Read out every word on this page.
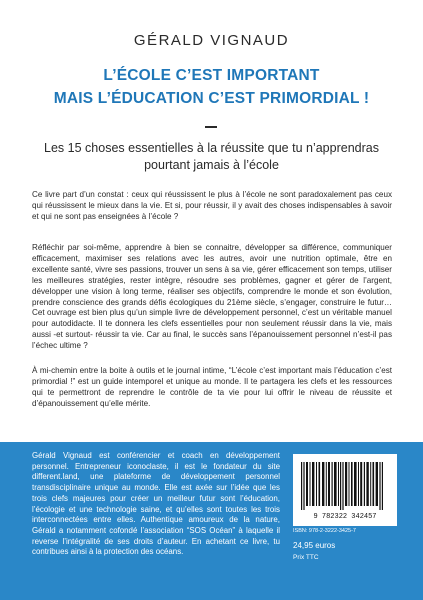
GÉRALD VIGNAUD
L’ÉCOLE C’EST IMPORTANT
MAIS L’ÉDUCATION C’EST PRIMORDIAL !
Les 15 choses essentielles à la réussite que tu n’apprendras pourtant jamais à l’école

Ce livre part d’un constat : ceux qui réussissent le plus à l’école ne sont paradoxalement pas ceux qui réussissent le mieux dans la vie. Et si, pour réussir, il y avait des choses indispensables à savoir et qui ne sont pas enseignées à l’école ?

Réfléchir par soi-même, apprendre à bien se connaitre, développer sa différence, communiquer efficacement, maximiser ses relations avec les autres, avoir une nutrition optimale, être en excellente santé, vivre ses passions, trouver un sens à sa vie, gérer efficacement son temps, utiliser les meilleures stratégies, rester intègre, résoudre ses problèmes, gagner et gérer de l’argent, développer une vision à long terme, réaliser ses objectifs, comprendre le monde et son évolution, prendre conscience des grands défis écologiques du 21ème siècle, s’engager, construire le futur… Cet ouvrage est bien plus qu’un simple livre de développement personnel, c’est un véritable manuel pour autodidacte. Il te donnera les clefs essentielles pour non seulement réussir dans la vie, mais aussi -et surtout- réussir ta vie. Car au final, le succès sans l’épanouissement personnel n’est-il pas l’échec ultime ?

À mi-chemin entre la boite à outils et le journal intime, “L’école c’est important mais l’éducation c’est primordial !” est un guide intemporel et unique au monde. Il te partagera les clefs et les ressources qui te permettront de reprendre le contrôle de ta vie pour lui offrir le niveau de réussite et d’épanouissement qu’elle mérite.

Gérald Vignaud est conférencier et coach en développement personnel. Entrepreneur iconoclaste, il est le fondateur du site different.land, une plateforme de développement personnel transdisciplinaire unique au monde. Elle est axée sur l’idée que les trois clefs majeures pour créer un meilleur futur sont l’éducation, l’écologie et une technologie saine, et qu’elles sont toutes les trois interconnectées entre elles. Authentique amoureux de la nature, Gérald a notamment cofondé l’association “SOS Océan” à laquelle il reverse l’intégralité de ses droits d’auteur. En achetant ce livre, tu contribues ainsi à la protection des océans.

9 782322 342457

ISBN: 978-2-3222-3425-7

24,95 euros

Prix TTC
